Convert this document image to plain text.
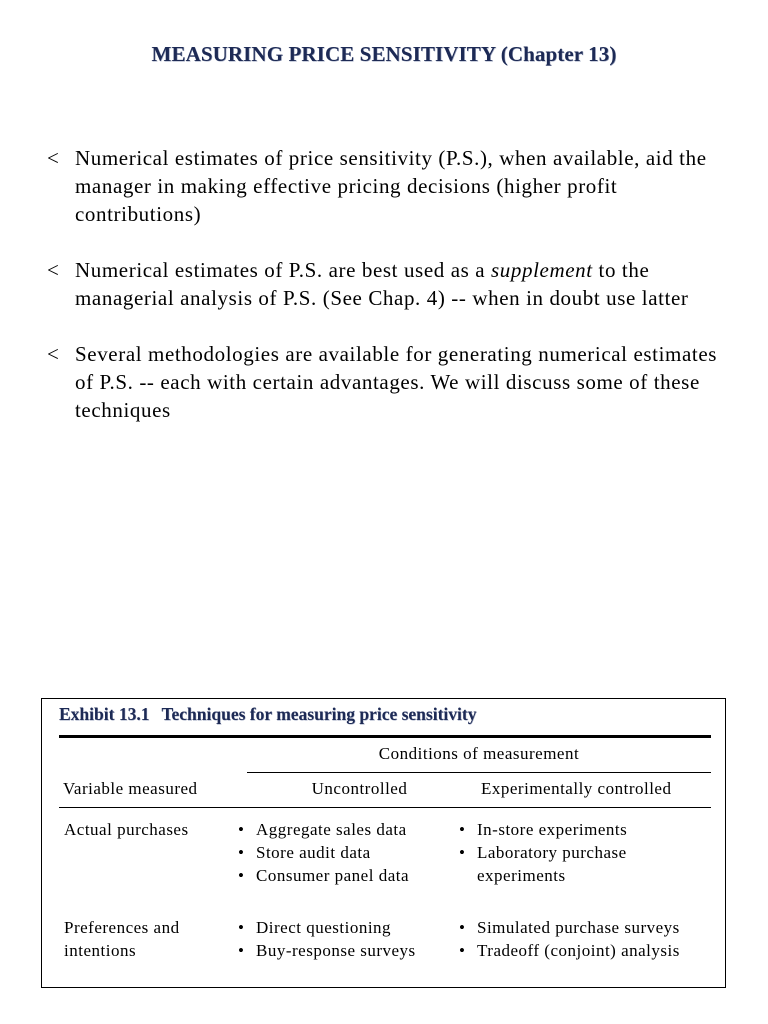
MEASURING PRICE SENSITIVITY (Chapter 13)
< Numerical estimates of price sensitivity (P.S.), when available, aid the manager in making effective pricing decisions (higher profit contributions)
< Numerical estimates of P.S. are best used as a supplement to the managerial analysis of P.S. (See Chap. 4) -- when in doubt use latter
< Several methodologies are available for generating numerical estimates of P.S. -- each with certain advantages. We will discuss some of these techniques
Exhibit 13.1 Techniques for measuring price sensitivity
Conditions of measurement
Variable measured	Uncontrolled	Experimentally controlled
Actual purchases
•	Aggregate sales data
• Store audit data
• Consumer panel data
• In-store experiments
• Laboratory purchase experiments
Preferences and intentions
• Direct questioning
• Buy-response surveys
• Simulated purchase surveys
• Tradeoff (conjoint) analysis
